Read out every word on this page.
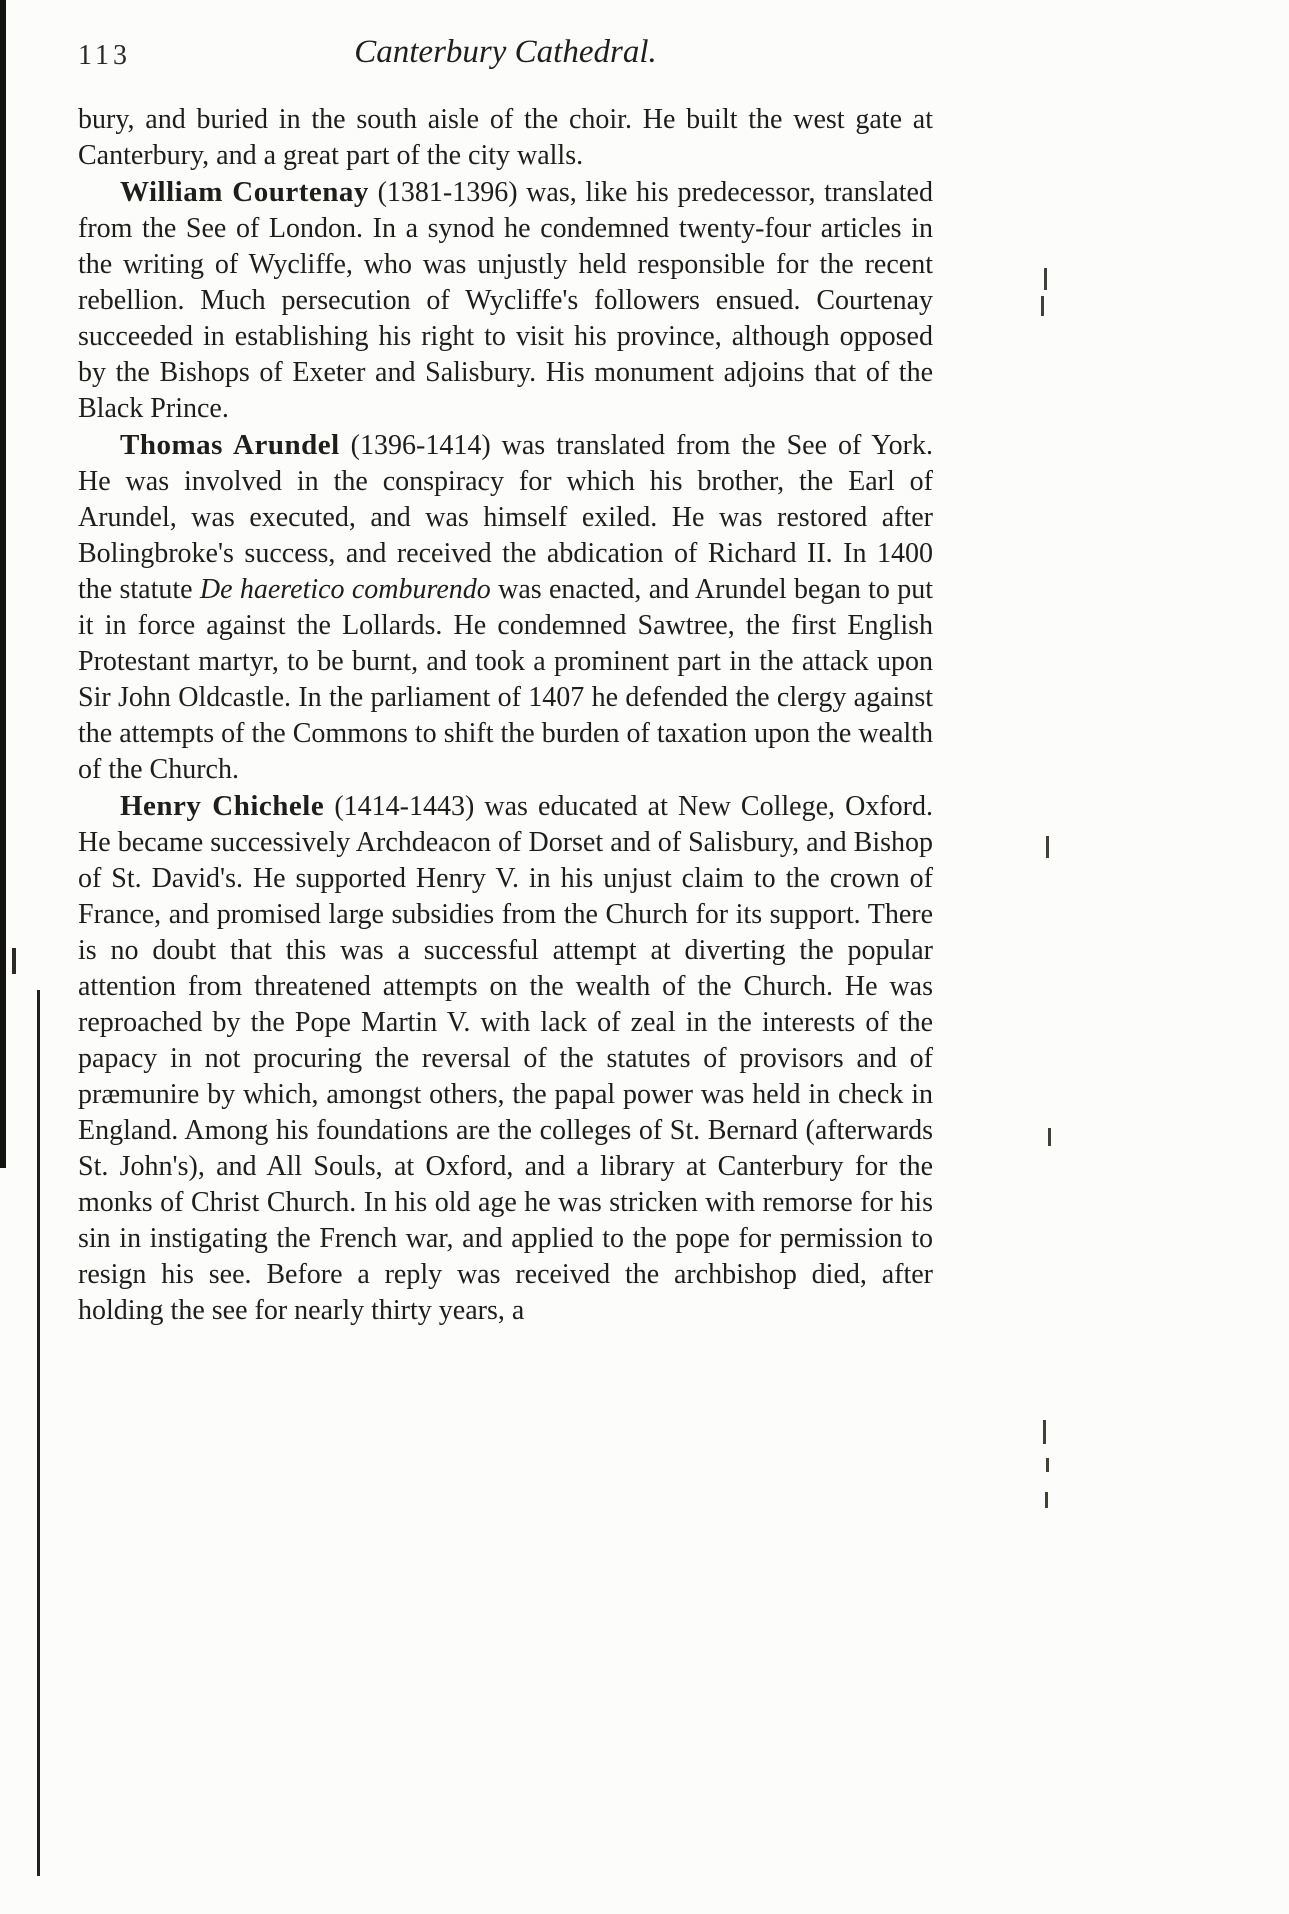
113	Canterbury Cathedral.

bury, and buried in the south aisle of the choir. He built the west gate at Canterbury, and a great part of the city walls.

William Courtenay (1381-1396) was, like his predecessor, translated from the See of London. In a synod he condemned twenty-four articles in the writing of Wycliffe, who was unjustly held responsible for the recent rebellion. Much persecution of Wycliffe's followers ensued. Courtenay succeeded in establishing his right to visit his province, although opposed by the Bishops of Exeter and Salisbury. His monument adjoins that of the Black Prince.

Thomas Arundel (1396-1414) was translated from the See of York. He was involved in the conspiracy for which his brother, the Earl of Arundel, was executed, and was himself exiled. He was restored after Bolingbroke's success, and received the abdication of Richard II. In 1400 the statute De haeretico comburendo was enacted, and Arundel began to put it in force against the Lollards. He condemned Sawtree, the first English Protestant martyr, to be burnt, and took a prominent part in the attack upon Sir John Oldcastle. In the parliament of 1407 he defended the clergy against the attempts of the Commons to shift the burden of taxation upon the wealth of the Church.

Henry Chichele (1414-1443) was educated at New College, Oxford. He became successively Archdeacon of Dorset and of Salisbury, and Bishop of St. David's. He supported Henry V. in his unjust claim to the crown of France, and promised large subsidies from the Church for its support. There is no doubt that this was a successful attempt at diverting the popular attention from threatened attempts on the wealth of the Church. He was reproached by the Pope Martin V. with lack of zeal in the interests of the papacy in not procuring the reversal of the statutes of provisors and of præmunire by which, amongst others, the papal power was held in check in England. Among his foundations are the colleges of St. Bernard (afterwards St. John's), and All Souls, at Oxford, and a library at Canterbury for the monks of Christ Church. In his old age he was stricken with remorse for his sin in instigating the French war, and applied to the pope for permission to resign his see. Before a reply was received the archbishop died, after holding the see for nearly thirty years, a
